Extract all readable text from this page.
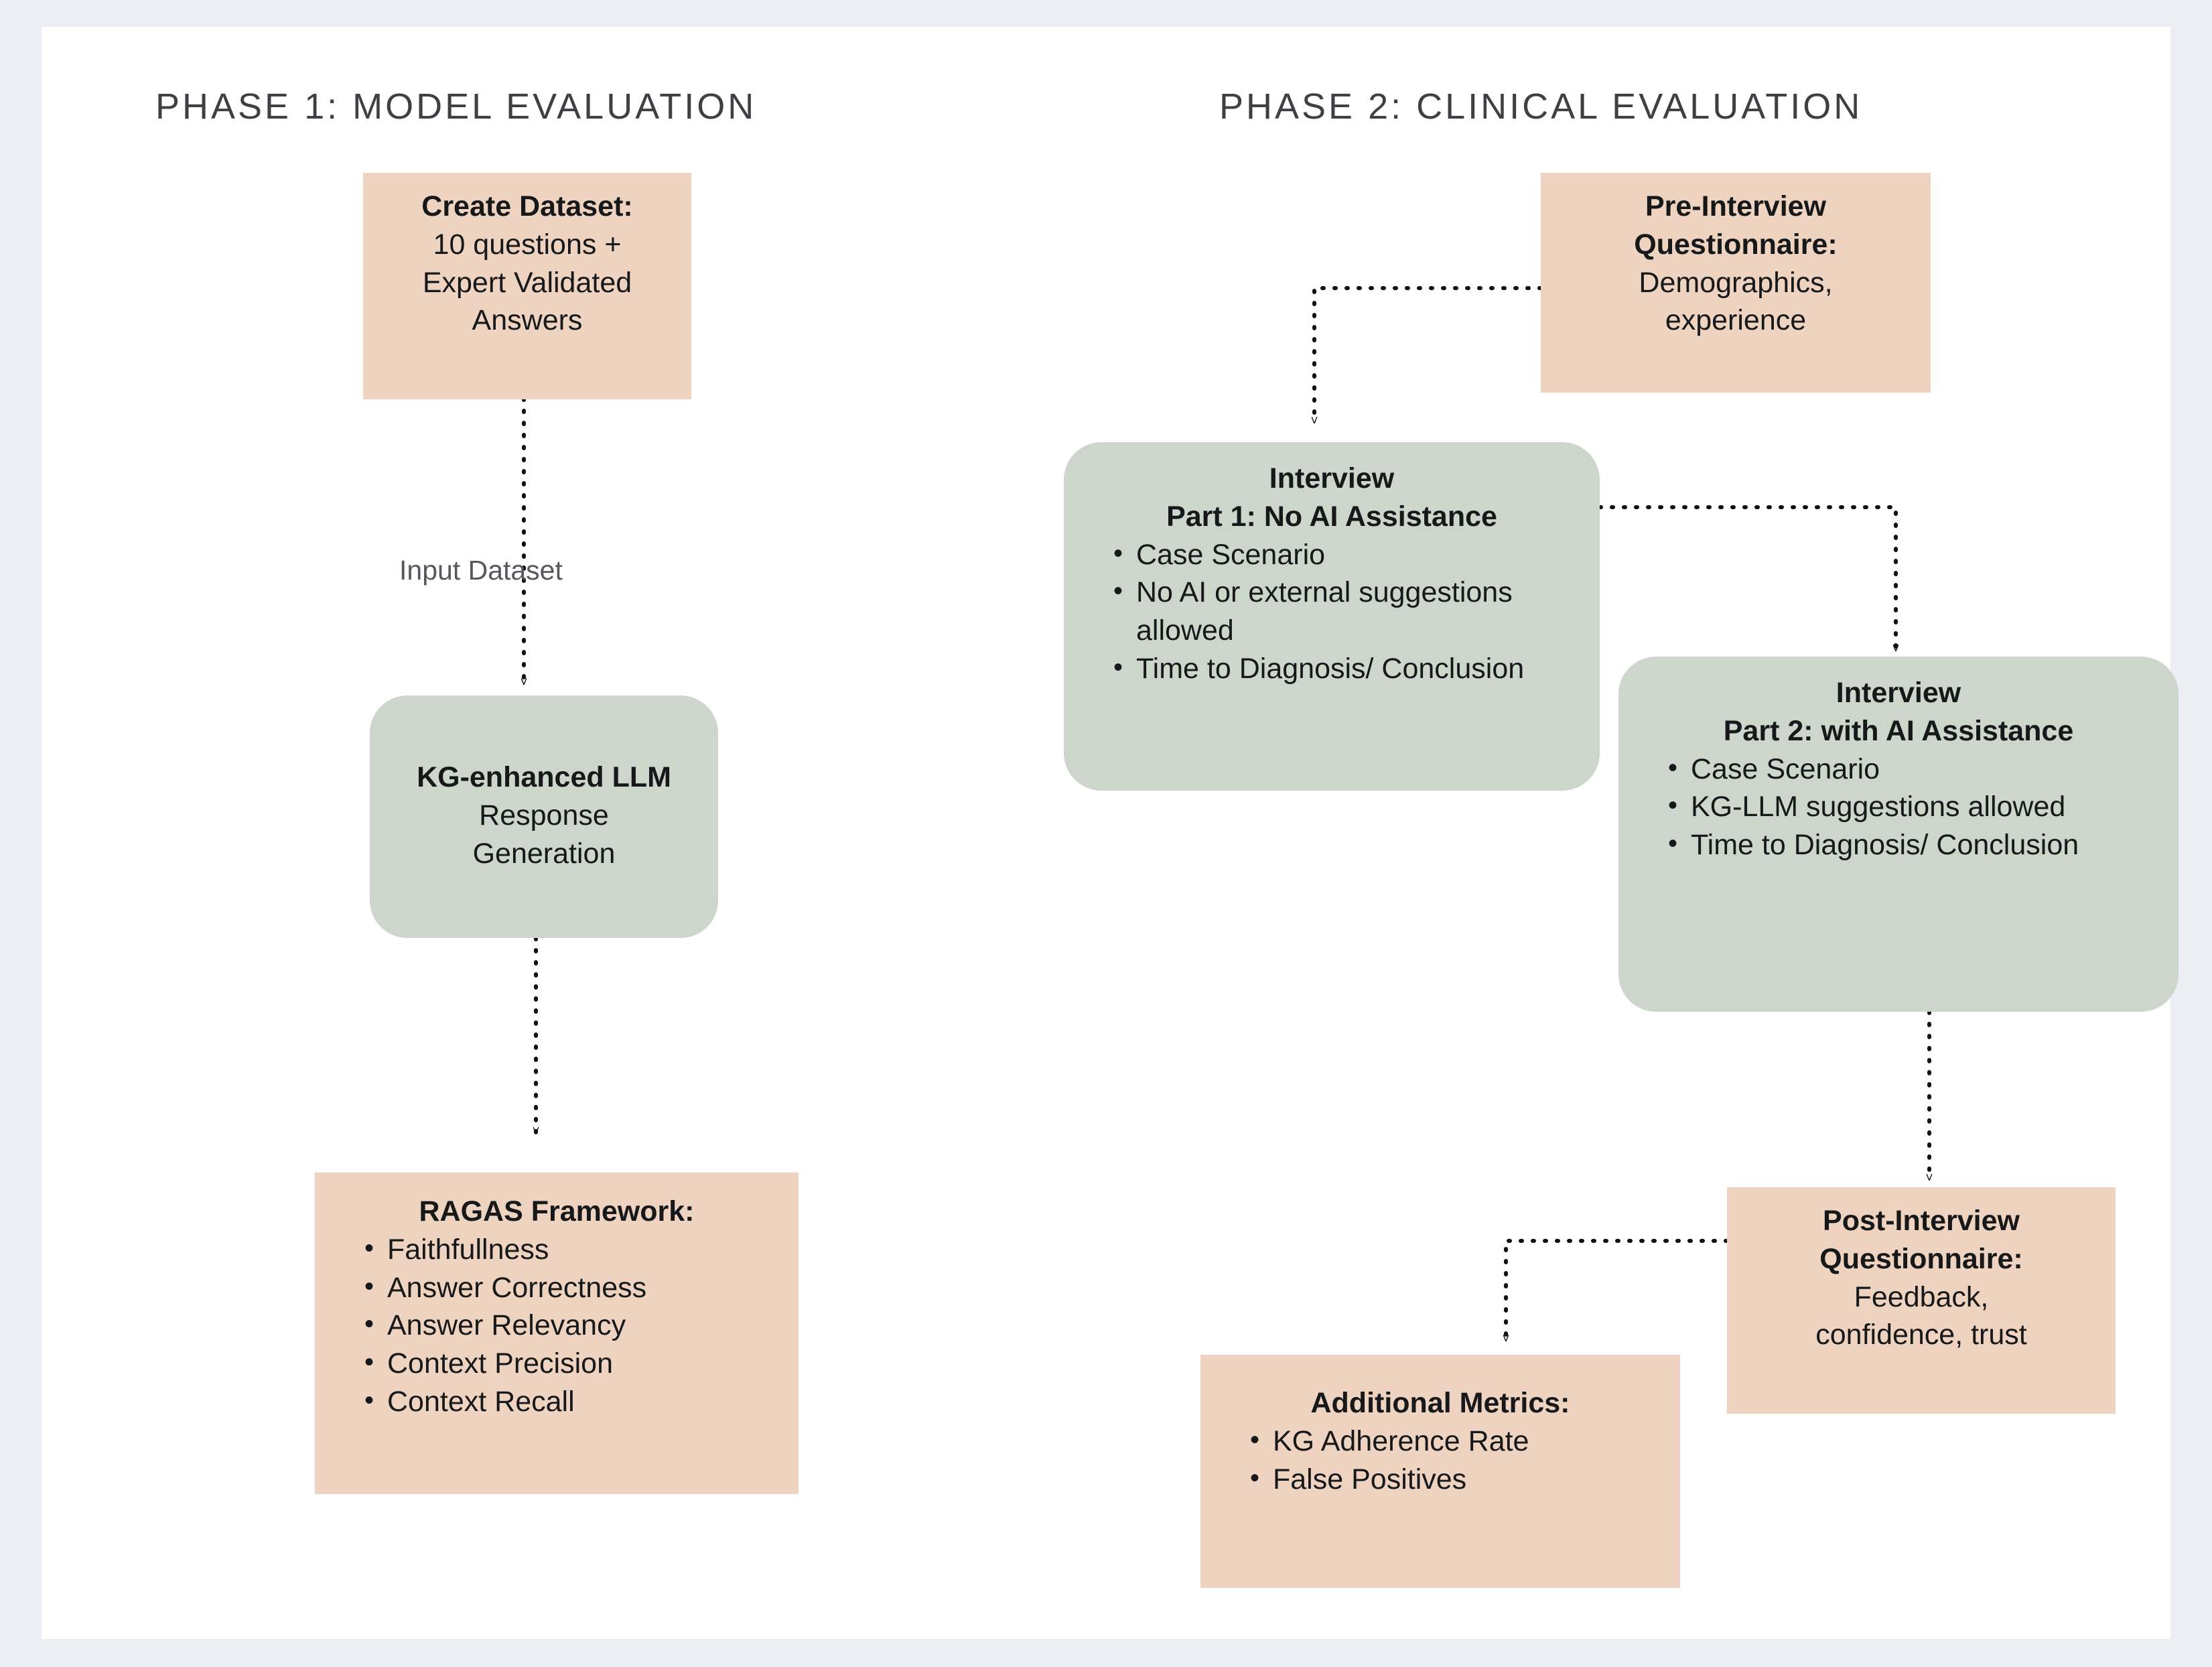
PHASE 1: MODEL EVALUATION	PHASE 2: CLINICAL EVALUATION
Input Dataset
Create Dataset:
10 questions +
Expert Validated
Answers
KG-enhanced LLM
Response
Generation
RAGAS Framework:
• Faithfullness
• Answer Correctness
• Answer Relevancy
• Context Precision
• Context Recall
Pre-Interview
Questionnaire:
Demographics,
experience
Interview
Part 1: No AI Assistance
• Case Scenario
• No AI or external suggestions allowed
• Time to Diagnosis/ Conclusion
Interview
Part 2: with AI Assistance
• Case Scenario
• KG-LLM suggestions allowed
• Time to Diagnosis/ Conclusion
Post-Interview
Questionnaire:
Feedback,
confidence, trust
Additional Metrics:
• KG Adherence Rate
• False Positives
